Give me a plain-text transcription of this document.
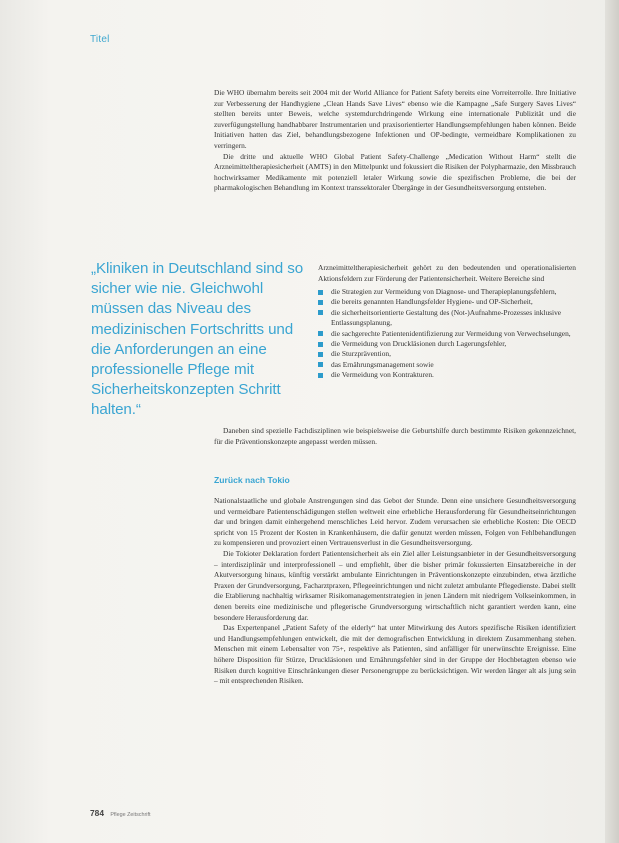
Titel

Die WHO übernahm bereits seit 2004 mit der World Alliance for Patient Safety bereits eine Vorreiterrolle. Ihre Initiative zur Verbesserung der Handhygiene „Clean Hands Save Lives“ ebenso wie die Kampagne „Safe Surgery Saves Lives“ stellten bereits unter Beweis, welche systemdurchdringende Wirkung eine internationale Publizität und die zuverfügungstellung handhabbarer Instrumentarien und praxisorientierter Handlungsempfehlungen haben können. Beide Initiativen hatten das Ziel, behandlungsbezogene Infektionen und OP-bedingte, vermeidbare Komplikationen zu verringern.

Die dritte und aktuelle WHO Global Patient Safety-Challenge „Medication Without Harm“ stellt die Arzneimitteltherapiesicherheit (AMTS) in den Mittelpunkt und fokussiert die Risiken der Polypharmazie, den Missbrauch hochwirksamer Medikamente mit potenziell letaler Wirkung sowie die spezifischen Probleme, die bei der pharmakologischen Behandlung im Kontext transsektoraler Übergänge in der Gesundheitsversorgung entstehen.

„Kliniken in Deutschland sind so sicher wie nie. Gleichwohl müssen das Niveau des medizinischen Fortschritts und die Anforderungen an eine professionelle Pflege mit Sicherheitskonzepten Schritt halten.“
Arzneimitteltherapiesicherheit gehört zu den bedeutenden und operationalisierten Aktionsfeldern zur Förderung der Patientensicherheit. Weitere Bereiche sind
die Strategien zur Vermeidung von Diagnose- und Therapieplanungsfehlern,
die bereits genannten Handlungsfelder Hygiene- und OP-Sicherheit,
die sicherheitsorientierte Gestaltung des (Not-)Aufnahme-Prozesses inklusive Entlassungsplanung,
die sachgerechte Patientenidentifizierung zur Vermeidung von Verwechselungen,
die Vermeidung von Druckläsionen durch Lagerungsfehler,
die Sturzprävention,
das Ernährungsmanagement sowie
die Vermeidung von Kontrakturen.

Daneben sind spezielle Fachdisziplinen wie beispielsweise die Geburtshilfe durch bestimmte Risiken gekennzeichnet, für die Präventionskonzepte angepasst werden müssen.

Zurück nach Tokio

Nationalstaatliche und globale Anstrengungen sind das Gebot der Stunde. Denn eine unsichere Gesundheitsversorgung und vermeidbare Patientenschädigungen stellen weltweit eine erhebliche Herausforderung für Gesundheitseinrichtungen dar und bringen damit einhergehend menschliches Leid hervor. Zudem verursachen sie erhebliche Kosten: Die OECD spricht von 15 Prozent der Kosten in Krankenhäusern, die dafür genutzt werden müssen, Folgen von Fehlbehandlungen zu kompensieren und provoziert einen Vertrauensverlust in die Gesundheitsversorgung.

Die Tokioter Deklaration fordert Patientensicherheit als ein Ziel aller Leistungsanbieter in der Gesundheitsversorgung – interdisziplinär und interprofessionell – und empfiehlt, über die bisher primär fokussierten Einsatzbereiche in der Akutversorgung hinaus, künftig verstärkt ambulante Einrichtungen in Präventionskonzepte einzubinden, etwa ärztliche Praxen der Grundversorgung, Facharztpraxen, Pflegeeinrichtungen und nicht zuletzt ambulante Pflegedienste. Dabei stellt die Etablierung nachhaltig wirksamer Risikomanagementstrategien in jenen Ländern mit niedrigem Volkseinkommen, in denen bereits eine medizinische und pflegerische Grundversorgung wirtschaftlich nicht garantiert werden kann, eine besondere Herausforderung dar.

Das Expertenpanel „Patient Safety of the elderly“ hat unter Mitwirkung des Autors spezifische Risiken identifiziert und Handlungsempfehlungen entwickelt, die mit der demografischen Entwicklung in direktem Zusammenhang stehen. Menschen mit einem Lebensalter von 75+, respektive als Patienten, sind anfälliger für unerwünschte Ereignisse. Eine höhere Disposition für Stürze, Druckläsionen und Ernährungsfehler sind in der Gruppe der Hochbetagten ebenso wie Risiken durch kognitive Einschränkungen dieser Personengruppe zu berücksichtigen. Wir werden länger alt als jung sein – mit entsprechenden Risiken.

784 Pflege Zeitschrift
